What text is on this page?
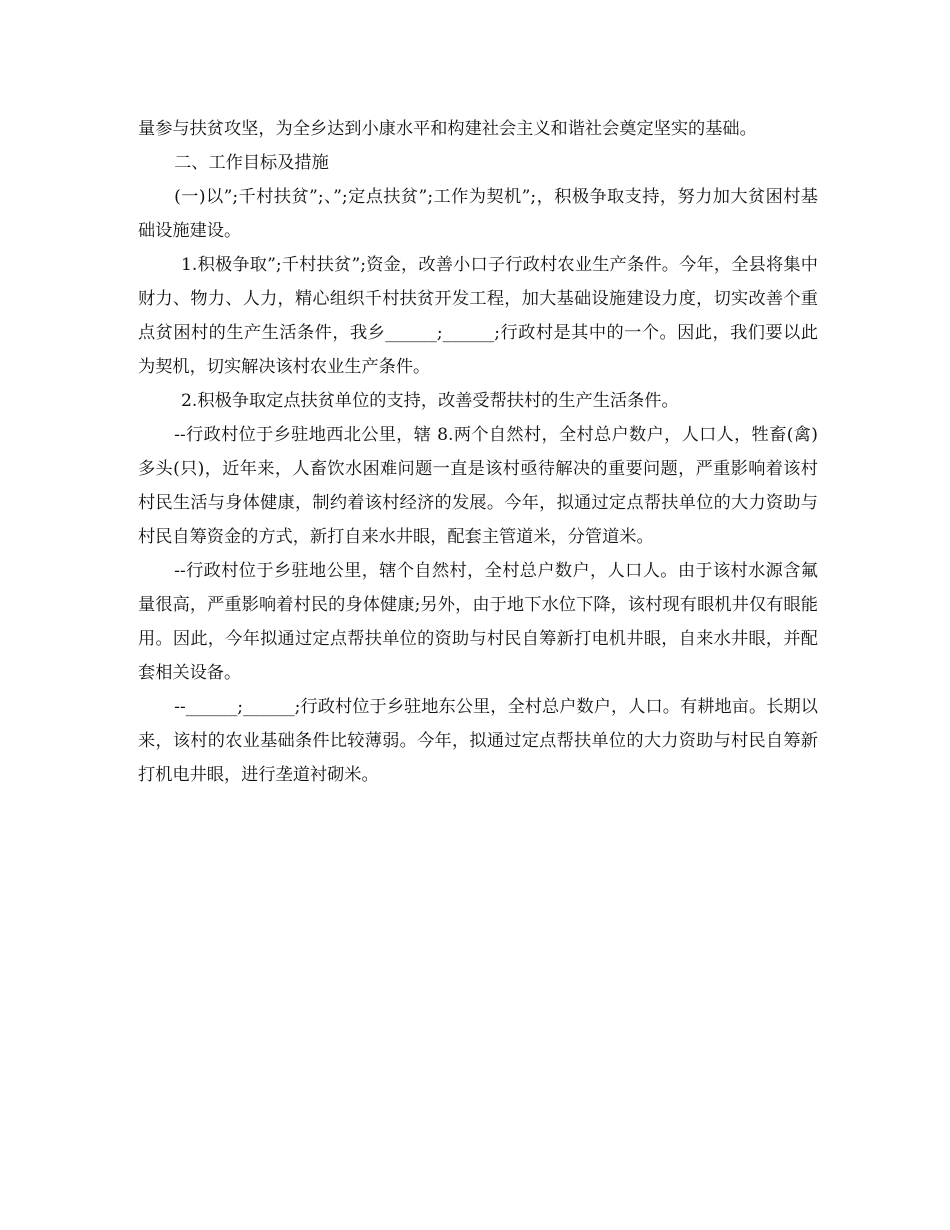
量参与扶贫攻坚，为全乡达到小康水平和构建社会主义和谐社会奠定坚实的基础。

二、工作目标及措施

(一)以”;千村扶贫”;、”;定点扶贫”;工作为契机”;，积极争取支持，努力加大贫困村基础设施建设。

1.积极争取”;千村扶贫”;资金，改善小口子行政村农业生产条件。今年，全县将集中财力、物力、人力，精心组织千村扶贫开发工程，加大基础设施建设力度，切实改善个重点贫困村的生产生活条件，我乡______;______;行政村是其中的一个。因此，我们要以此为契机，切实解决该村农业生产条件。

2.积极争取定点扶贫单位的支持，改善受帮扶村的生产生活条件。

--行政村位于乡驻地西北公里，辖 8.两个自然村，全村总户数户，人口人，牲畜(禽)多头(只)，近年来，人畜饮水困难问题一直是该村亟待解决的重要问题，严重影响着该村村民生活与身体健康，制约着该村经济的发展。今年，拟通过定点帮扶单位的大力资助与村民自筹资金的方式，新打自来水井眼，配套主管道米，分管道米。

--行政村位于乡驻地公里，辖个自然村，全村总户数户，人口人。由于该村水源含氟量很高，严重影响着村民的身体健康;另外，由于地下水位下降，该村现有眼机井仅有眼能用。因此，今年拟通过定点帮扶单位的资助与村民自筹新打电机井眼，自来水井眼，并配套相关设备。

--______;______;行政村位于乡驻地东公里，全村总户数户，人口。有耕地亩。长期以来，该村的农业基础条件比较薄弱。今年，拟通过定点帮扶单位的大力资助与村民自筹新打机电井眼，进行垄道衬砌米。
